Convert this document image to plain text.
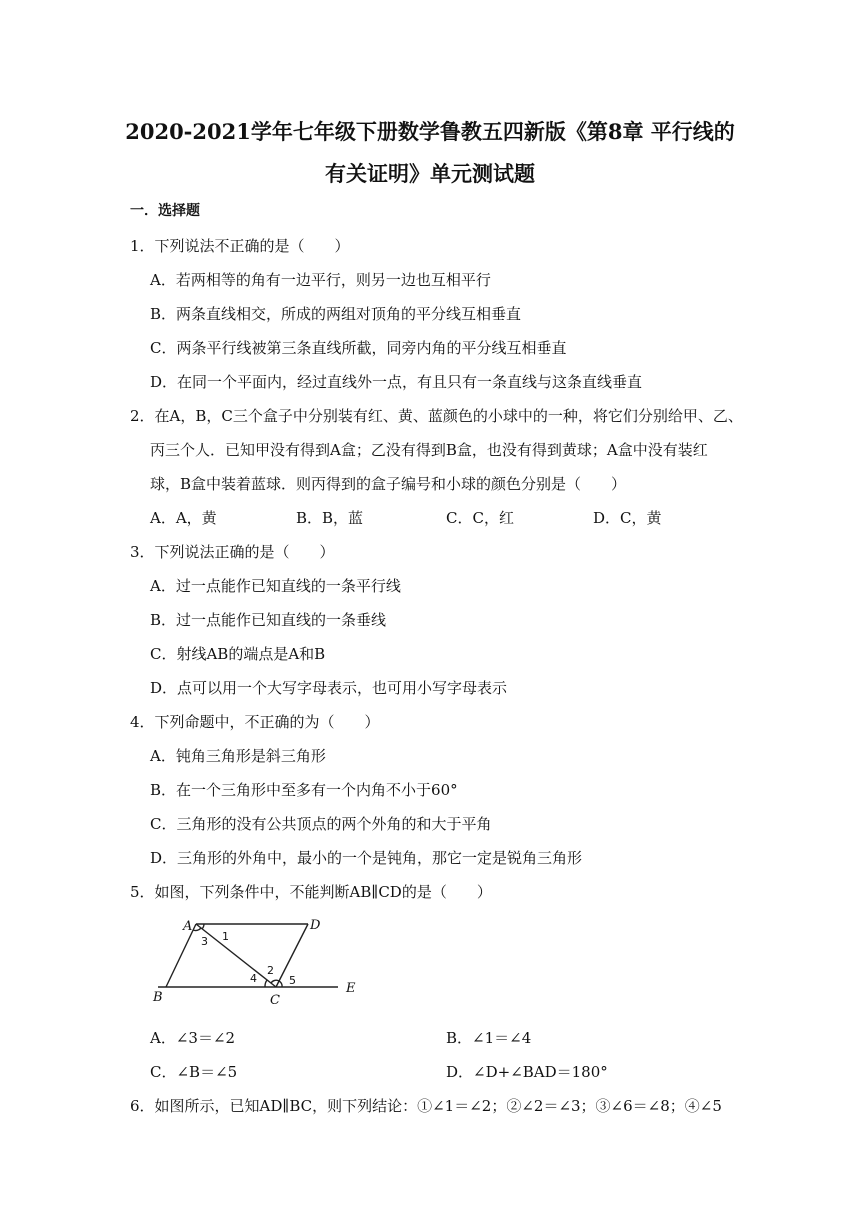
2020-2021学年七年级下册数学鲁教五四新版《第8章 平行线的
有关证明》单元测试题
一．选择题
1．下列说法不正确的是（　　）
A．若两相等的角有一边平行，则另一边也互相平行
B．两条直线相交，所成的两组对顶角的平分线互相垂直
C．两条平行线被第三条直线所截，同旁内角的平分线互相垂直
D．在同一个平面内，经过直线外一点，有且只有一条直线与这条直线垂直
2．在A，B，C三个盒子中分别装有红、黄、蓝颜色的小球中的一种，将它们分别给甲、乙、
丙三个人．已知甲没有得到A盒；乙没有得到B盒，也没有得到黄球；A盒中没有装红
球，B盒中装着蓝球．则丙得到的盒子编号和小球的颜色分别是（　　）
A．A，黄	B．B，蓝	C．C，红	D．C，黄
3．下列说法正确的是（　　）
A．过一点能作已知直线的一条平行线
B．过一点能作已知直线的一条垂线
C．射线AB的端点是A和B
D．点可以用一个大写字母表示，也可用小写字母表示
4．下列命题中，不正确的为（　　）
A．钝角三角形是斜三角形
B．在一个三角形中至多有一个内角不小于60°
C．三角形的没有公共顶点的两个外角的和大于平角
D．三角形的外角中，最小的一个是钝角，那它一定是锐角三角形
5．如图，下列条件中，不能判断AB∥CD的是（　　）
A	D
B	C
E
1
3
4
2
5
A．∠3＝∠2	B．∠1＝∠4
C．∠B＝∠5	D．∠D+∠BAD＝180°
6．如图所示，已知AD∥BC，则下列结论：①∠1＝∠2；②∠2＝∠3；③∠6＝∠8；④∠5
